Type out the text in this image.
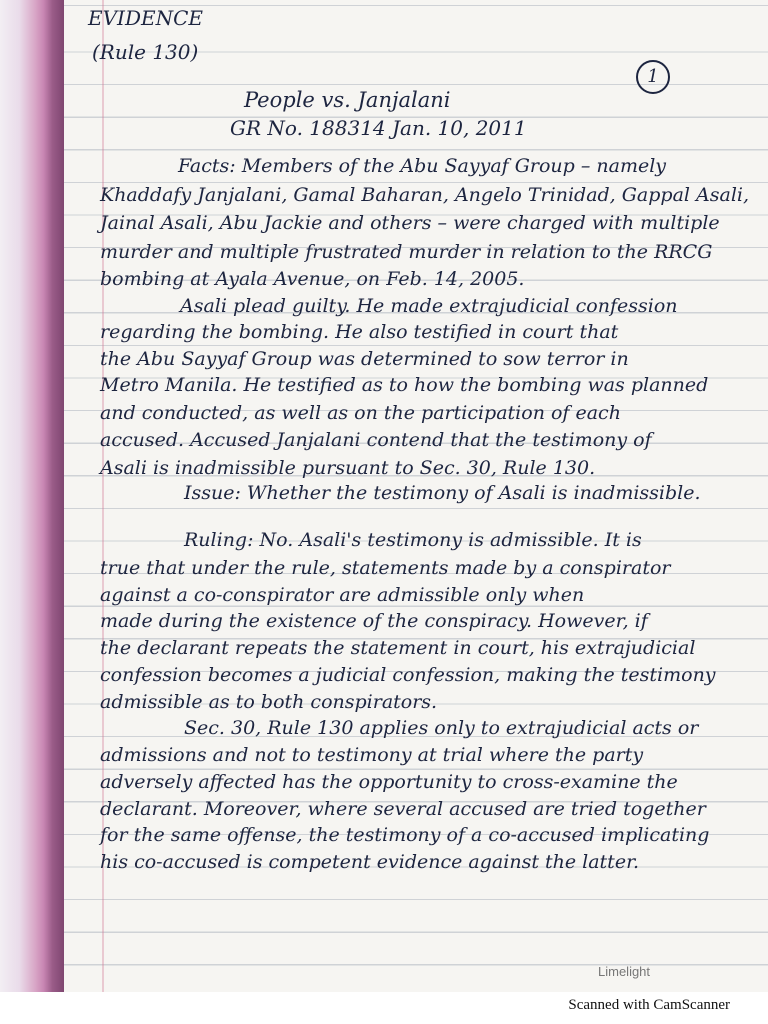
EVIDENCE
(Rule 130)
1
People vs. Janjalani
GR No. 188314 Jan. 10, 2011
Facts: Members of the Abu Sayyaf Group – namely
Khaddafy Janjalani, Gamal Baharan, Angelo Trinidad, Gappal Asali,
Jainal Asali, Abu Jackie and others – were charged with multiple
murder and multiple frustrated murder in relation to the RRCG
bombing at Ayala Avenue, on Feb. 14, 2005.
Asali plead guilty. He made extrajudicial confession
regarding the bombing. He also testified in court that
the Abu Sayyaf Group was determined to sow terror in
Metro Manila. He testified as to how the bombing was planned
and conducted, as well as on the participation of each
accused. Accused Janjalani contend that the testimony of
Asali is inadmissible pursuant to Sec. 30, Rule 130.
Issue: Whether the testimony of Asali is inadmissible.
Ruling: No. Asali's testimony is admissible. It is
true that under the rule, statements made by a conspirator
against a co-conspirator are admissible only when
made during the existence of the conspiracy. However, if
the declarant repeats the statement in court, his extrajudicial
confession becomes a judicial confession, making the testimony
admissible as to both conspirators.
Sec. 30, Rule 130 applies only to extrajudicial acts or
admissions and not to testimony at trial where the party
adversely affected has the opportunity to cross-examine the
declarant. Moreover, where several accused are tried together
for the same offense, the testimony of a co-accused implicating
his co-accused is competent evidence against the latter.
Limelight
Scanned with CamScanner
